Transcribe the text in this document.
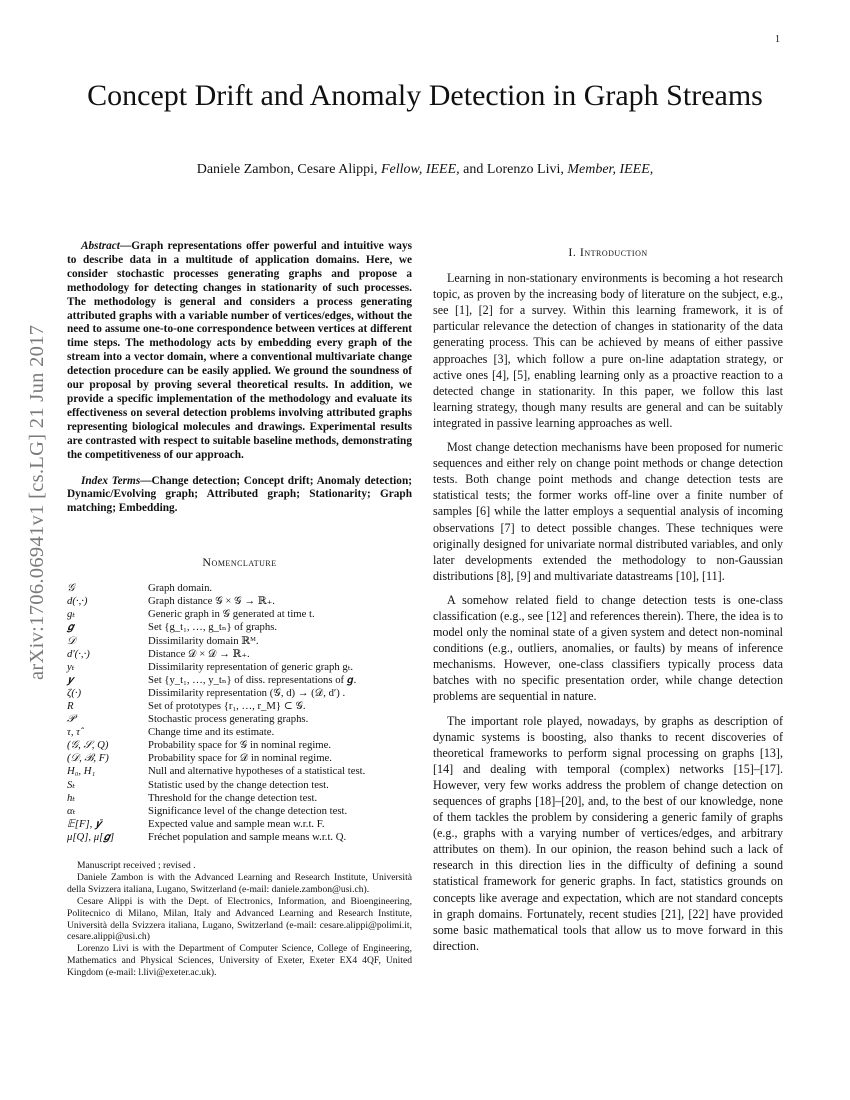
1
arXiv:1706.06941v1 [cs.LG] 21 Jun 2017
Concept Drift and Anomaly Detection in Graph Streams
Daniele Zambon, Cesare Alippi, Fellow, IEEE, and Lorenzo Livi, Member, IEEE,

Abstract—Graph representations offer powerful and intuitive ways to describe data in a multitude of application domains. Here, we consider stochastic processes generating graphs and propose a methodology for detecting changes in stationarity of such processes. The methodology is general and considers a process generating attributed graphs with a variable number of vertices/edges, without the need to assume one-to-one correspondence between vertices at different time steps. The methodology acts by embedding every graph of the stream into a vector domain, where a conventional multivariate change detection procedure can be easily applied. We ground the soundness of our proposal by proving several theoretical results. In addition, we provide a specific implementation of the methodology and evaluate its effectiveness on several detection problems involving attributed graphs representing biological molecules and drawings. Experimental results are contrasted with respect to suitable baseline methods, demonstrating the competitiveness of our approach.

Index Terms—Change detection; Concept drift; Anomaly detection; Dynamic/Evolving graph; Attributed graph; Stationarity; Graph matching; Embedding.

Nomenclature
𝒢	Graph domain.
d(·,·)	Graph distance 𝒢 × 𝒢 → ℝ₊.
gₜ	Generic graph in 𝒢 generated at time t.
𝒈	Set {g_t₁, …, g_tₙ} of graphs.
𝒟	Dissimilarity domain ℝᴹ.
d′(·,·)	Distance 𝒟 × 𝒟 → ℝ₊.
yₜ	Dissimilarity representation of generic graph gₜ.
𝒚	Set {y_t₁, …, y_tₙ} of diss. representations of 𝒈.
ζ(·)	Dissimilarity representation (𝒢, d) → (𝒟, d′) .
R	Set of prototypes {r₁, …, r_M} ⊂ 𝒢.
𝒫	Stochastic process generating graphs.
τ, τ̂	Change time and its estimate.
(𝒢, 𝒮, Q)	Probability space for 𝒢 in nominal regime.
(𝒟, ℬ, F)	Probability space for 𝒟 in nominal regime.
H₀, H₁	Null and alternative hypotheses of a statistical test.
Sₜ	Statistic used by the change detection test.
hₜ	Threshold for the change detection test.
αₜ	Significance level of the change detection test.
𝔼[F], 𝒚̄	Expected value and sample mean w.r.t. F.
μ[Q], μ[𝒈]	Fréchet population and sample means w.r.t. Q.

Manuscript received ; revised .

Daniele Zambon is with the Advanced Learning and Research Institute, Università della Svizzera italiana, Lugano, Switzerland (e-mail: daniele.zambon@usi.ch).

Cesare Alippi is with the Dept. of Electronics, Information, and Bioengineering, Politecnico di Milano, Milan, Italy and Advanced Learning and Research Institute, Università della Svizzera italiana, Lugano, Switzerland (e-mail: cesare.alippi@polimi.it, cesare.alippi@usi.ch)

Lorenzo Livi is with the Department of Computer Science, College of Engineering, Mathematics and Physical Sciences, University of Exeter, Exeter EX4 4QF, United Kingdom (e-mail: l.livi@exeter.ac.uk).

I. Introduction

Learning in non-stationary environments is becoming a hot research topic, as proven by the increasing body of literature on the subject, e.g., see [1], [2] for a survey. Within this learning framework, it is of particular relevance the detection of changes in stationarity of the data generating process. This can be achieved by means of either passive approaches [3], which follow a pure on-line adaptation strategy, or active ones [4], [5], enabling learning only as a proactive reaction to a detected change in stationarity. In this paper, we follow this last learning strategy, though many results are general and can be suitably integrated in passive learning approaches as well.

Most change detection mechanisms have been proposed for numeric sequences and either rely on change point methods or change detection tests. Both change point methods and change detection tests are statistical tests; the former works off-line over a finite number of samples [6] while the latter employs a sequential analysis of incoming observations [7] to detect possible changes. These techniques were originally designed for univariate normal distributed variables, and only later developments extended the methodology to non-Gaussian distributions [8], [9] and multivariate datastreams [10], [11].

A somehow related field to change detection tests is one-class classification (e.g., see [12] and references therein). There, the idea is to model only the nominal state of a given system and detect non-nominal conditions (e.g., outliers, anomalies, or faults) by means of inference mechanisms. However, one-class classifiers typically process data batches with no specific presentation order, while change detection problems are sequential in nature.

The important role played, nowadays, by graphs as description of dynamic systems is boosting, also thanks to recent discoveries of theoretical frameworks to perform signal processing on graphs [13], [14] and dealing with temporal (complex) networks [15]–[17]. However, very few works address the problem of change detection on sequences of graphs [18]–[20], and, to the best of our knowledge, none of them tackles the problem by considering a generic family of graphs (e.g., graphs with a varying number of vertices/edges, and arbitrary attributes on them). In our opinion, the reason behind such a lack of research in this direction lies in the difficulty of defining a sound statistical framework for generic graphs. In fact, statistics grounds on concepts like average and expectation, which are not standard concepts in graph domains. Fortunately, recent studies [21], [22] have provided some basic mathematical tools that allow us to move forward in this direction.
